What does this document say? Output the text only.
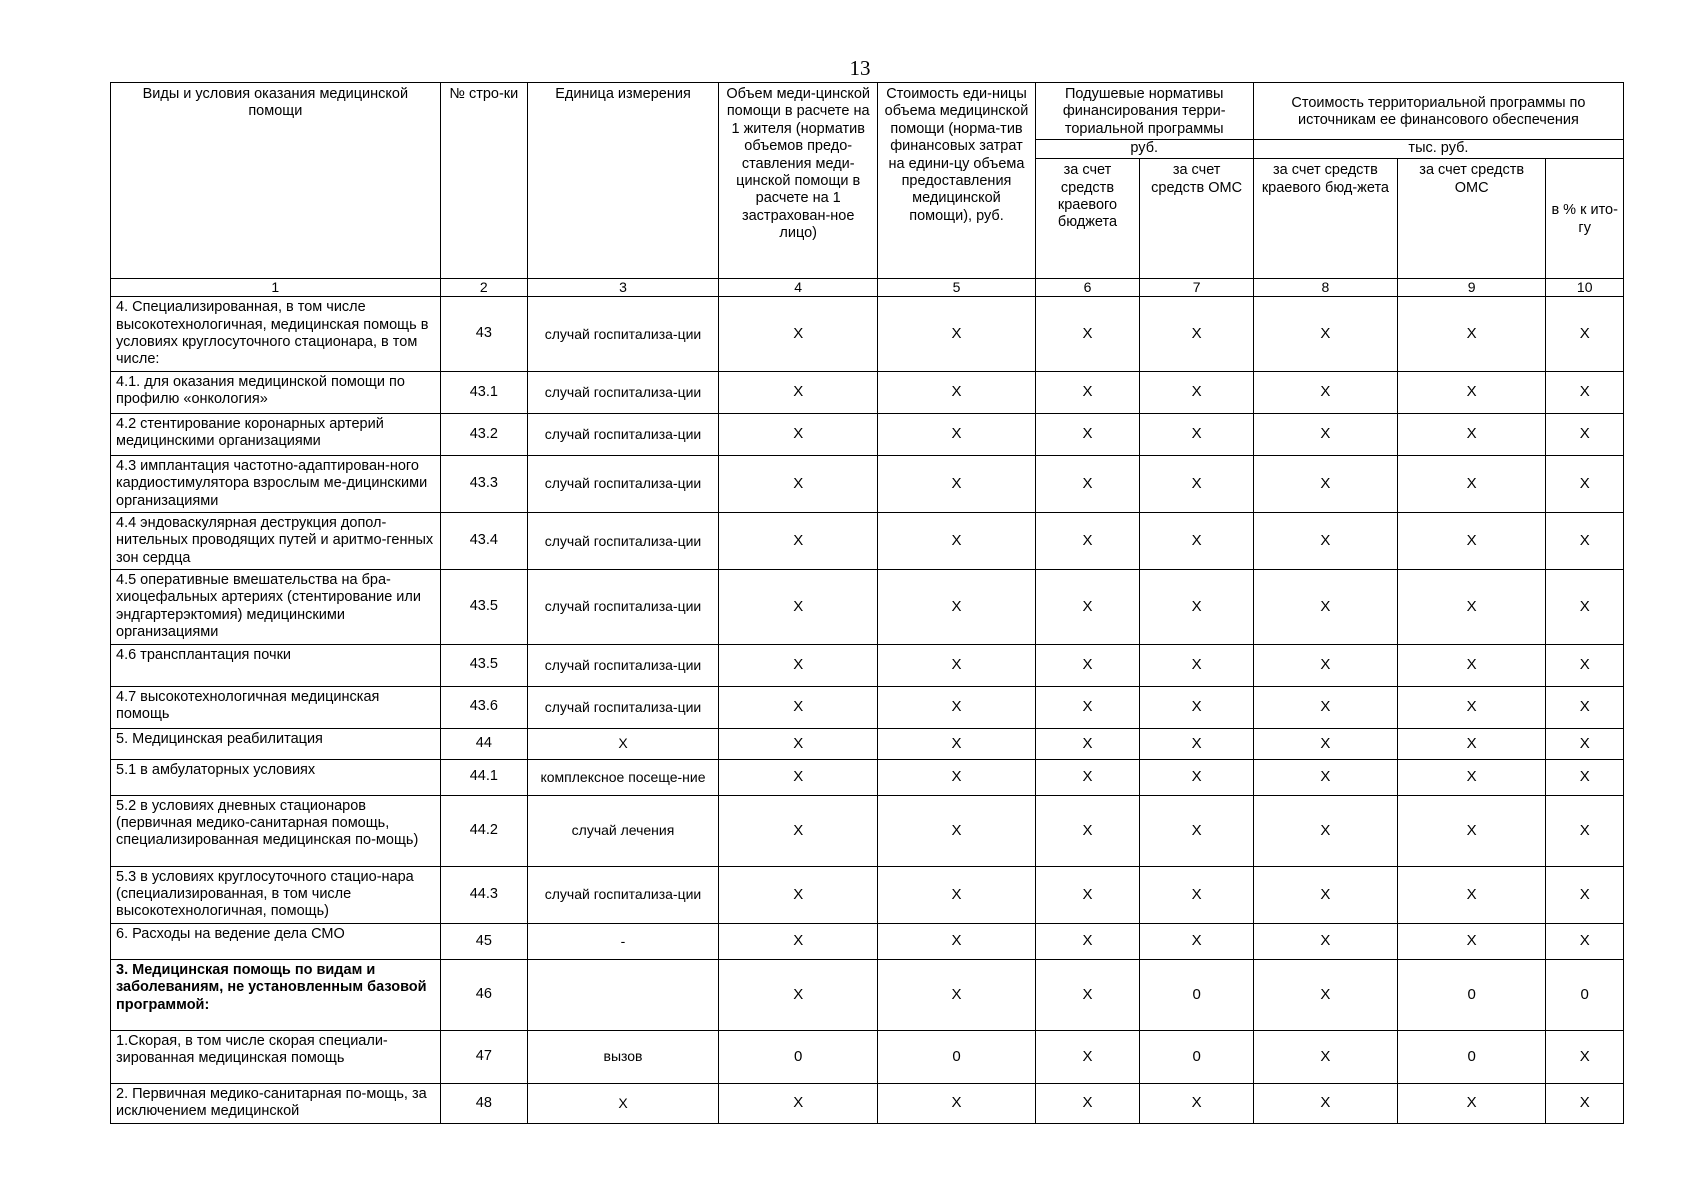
13
Виды и условия оказания медицинской помощи	№ стро-ки	Единица измерения	Объем меди-цинской помощи в расчете на 1 жителя (норматив объемов предо-ставления меди-цинской помощи в расчете на 1 застрахован-ное лицо)	Стоимость еди-ницы объема медицинской помощи (норма-тив финансовых затрат на едини-цу объема предоставления медицинской помощи), руб.	Подушевые нормативы финансирования терри-ториальной программы		Стоимость территориальной программы по источникам ее финансового обеспечения		
					руб.		тыс. руб.		
					за счет средств краевого бюджета	за счет средств ОМС	за счет средств краевого бюд-жета	за счет средств ОМС	в % к ито-гу
1	2	3	4	5	6	7	8	9	10
4. Специализированная, в том числе высокотехнологичная, медицинская помощь в условиях круглосуточного стационара, в том числе:	43	случай госпитализа-ции	Х	Х	Х	Х	Х	Х	Х
4.1. для оказания медицинской помощи по профилю «онкология»	43.1	случай госпитализа-ции	Х	Х	Х	Х	Х	Х	Х
4.2 стентирование коронарных артерий медицинскими организациями	43.2	случай госпитализа-ции	Х	Х	Х	Х	Х	Х	Х
4.3 имплантация частотно-адаптирован-ного кардиостимулятора взрослым ме-дицинскими организациями	43.3	случай госпитализа-ции	Х	Х	Х	Х	Х	Х	Х
4.4 эндоваскулярная деструкция допол-нительных проводящих путей и аритмо-генных зон сердца	43.4	случай госпитализа-ции	Х	Х	Х	Х	Х	Х	Х
4.5 оперативные вмешательства на бра-хиоцефальных артериях (стентирование или эндгартерэктомия) медицинскими организациями	43.5	случай госпитализа-ции	Х	Х	Х	Х	Х	Х	Х
4.6 трансплантация почки	43.5	случай госпитализа-ции	Х	Х	Х	Х	Х	Х	Х
4.7 высокотехнологичная медицинская помощь	43.6	случай госпитализа-ции	Х	Х	Х	Х	Х	Х	Х
5. Медицинская реабилитация	44	Х	Х	Х	Х	Х	Х	Х	Х
5.1 в амбулаторных условиях	44.1	комплексное посеще-ние	Х	Х	Х	Х	Х	Х	Х
5.2 в условиях дневных стационаров (первичная медико-санитарная помощь, специализированная медицинская по-мощь)	44.2	случай лечения	Х	Х	Х	Х	Х	Х	Х
5.3 в условиях круглосуточного стацио-нара (специализированная, в том числе высокотехнологичная, помощь)	44.3	случай госпитализа-ции	Х	Х	Х	Х	Х	Х	Х
6. Расходы на ведение дела СМО	45	-	Х	Х	Х	Х	Х	Х	Х
3. Медицинская помощь по видам и заболеваниям, не установленным базовой программой:	46		Х	Х	Х	0	Х	0	0
1.Скорая, в том числе скорая специали-зированная медицинская помощь	47	вызов	0	0	Х	0	Х	0	Х
2. Первичная медико-санитарная по-мощь, за исключением медицинской	48	Х	Х	Х	Х	Х	Х	Х	Х
